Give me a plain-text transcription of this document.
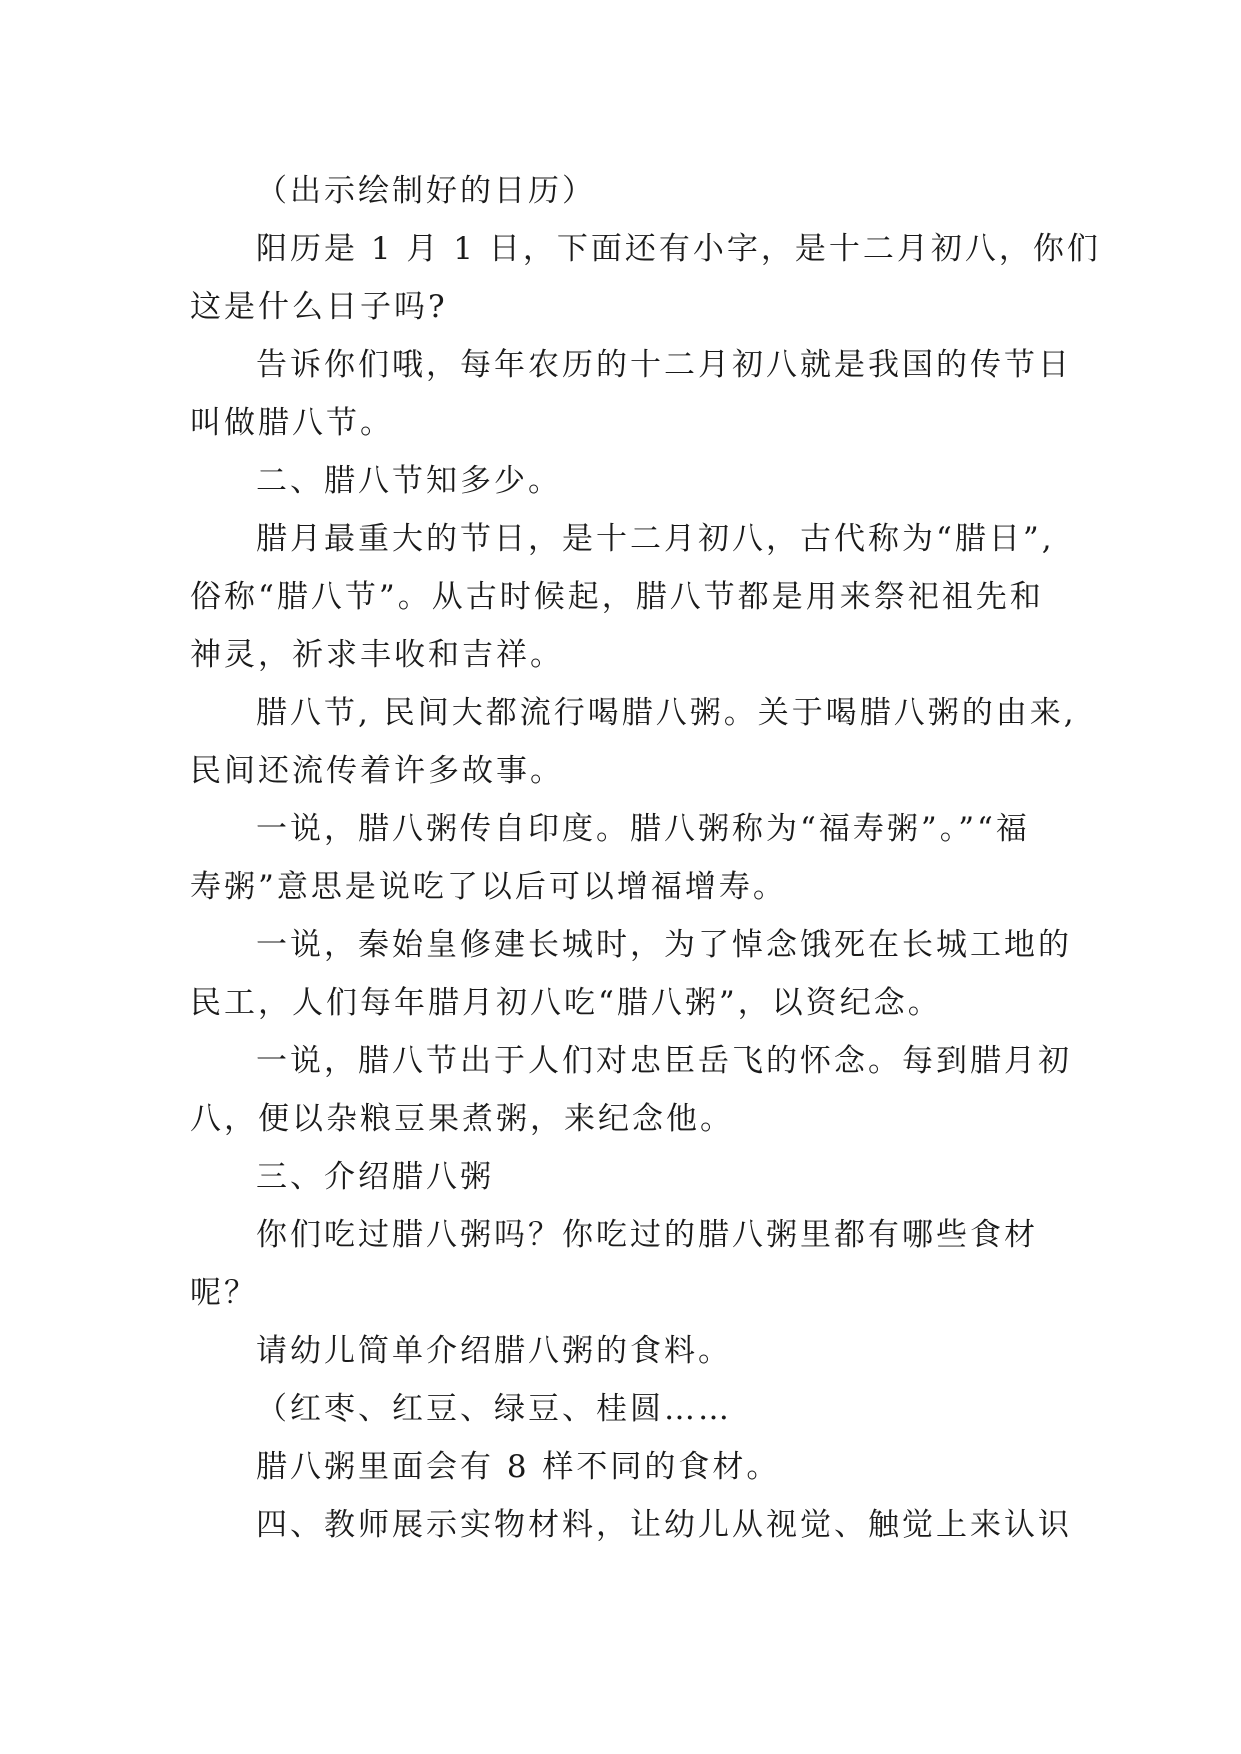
（出示绘制好的日历）
阳历是 1 月 1 日，下面还有小字，是十二月初八，你们
这是什么日子吗?
告诉你们哦，每年农历的十二月初八就是我国的传节日
叫做腊八节。
二、腊八节知多少。
腊月最重大的节日，是十二月初八，古代称为“腊日”,
俗称“腊八节”。从古时候起，腊八节都是用来祭祀祖先和
神灵，祈求丰收和吉祥。
腊八节, 民间大都流行喝腊八粥。关于喝腊八粥的由来,
民间还流传着许多故事。
一说，腊八粥传自印度。腊八粥称为“福寿粥”。”“福
寿粥”意思是说吃了以后可以增福增寿。
一说，秦始皇修建长城时，为了悼念饿死在长城工地的
民工，人们每年腊月初八吃“腊八粥”，以资纪念。
一说，腊八节出于人们对忠臣岳飞的怀念。每到腊月初
八，便以杂粮豆果煮粥，来纪念他。
三、介绍腊八粥
你们吃过腊八粥吗？你吃过的腊八粥里都有哪些食材
呢？
请幼儿简单介绍腊八粥的食料。
（红枣、红豆、绿豆、桂圆……
腊八粥里面会有 8 样不同的食材。
四、教师展示实物材料，让幼儿从视觉、触觉上来认识
